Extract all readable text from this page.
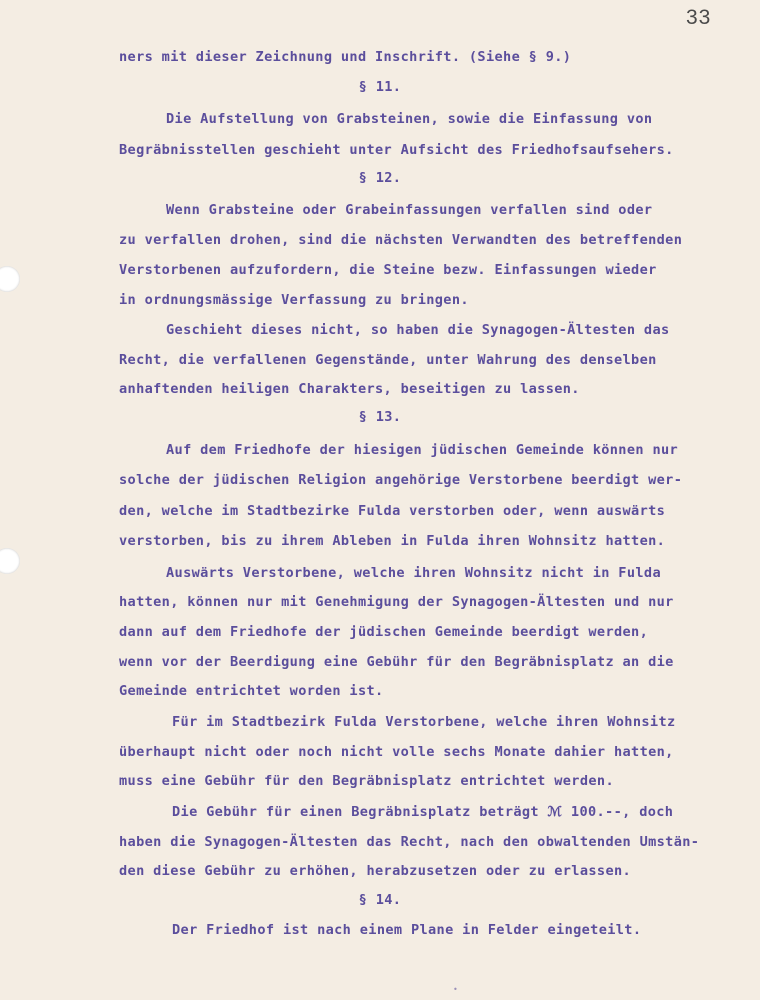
33
ners mit dieser Zeichnung und Inschrift. (Siehe § 9.)
§ 11.
Die Aufstellung von Grabsteinen, sowie die Einfassung von
Begräbnisstellen geschieht unter Aufsicht des Friedhofsaufsehers.
§ 12.
Wenn Grabsteine oder Grabeinfassungen verfallen sind oder
zu verfallen drohen, sind die nächsten Verwandten des betreffenden
Verstorbenen aufzufordern, die Steine bezw. Einfassungen wieder
in ordnungsmässige Verfassung zu bringen.
Geschieht dieses nicht, so haben die Synagogen-Ältesten das
Recht, die verfallenen Gegenstände, unter Wahrung des denselben
anhaftenden heiligen Charakters, beseitigen zu lassen.
§ 13.
Auf dem Friedhofe der hiesigen jüdischen Gemeinde können nur
solche der jüdischen Religion angehörige Verstorbene beerdigt wer-
den, welche im Stadtbezirke Fulda verstorben oder, wenn auswärts
verstorben, bis zu ihrem Ableben in Fulda ihren Wohnsitz hatten.
Auswärts Verstorbene, welche ihren Wohnsitz nicht in Fulda
hatten, können nur mit Genehmigung der Synagogen-Ältesten und nur
dann auf dem Friedhofe der jüdischen Gemeinde beerdigt werden,
wenn vor der Beerdigung eine Gebühr für den Begräbnisplatz an die
Gemeinde entrichtet worden ist.
Für im Stadtbezirk Fulda Verstorbene, welche ihren Wohnsitz
überhaupt nicht oder noch nicht volle sechs Monate dahier hatten,
muss eine Gebühr für den Begräbnisplatz entrichtet werden.
Die Gebühr für einen Begräbnisplatz beträgt ℳ 100.--, doch
haben die Synagogen-Ältesten das Recht, nach den obwaltenden Umstän-
den diese Gebühr zu erhöhen, herabzusetzen oder zu erlassen.
§ 14.
Der Friedhof ist nach einem Plane in Felder eingeteilt.
•
